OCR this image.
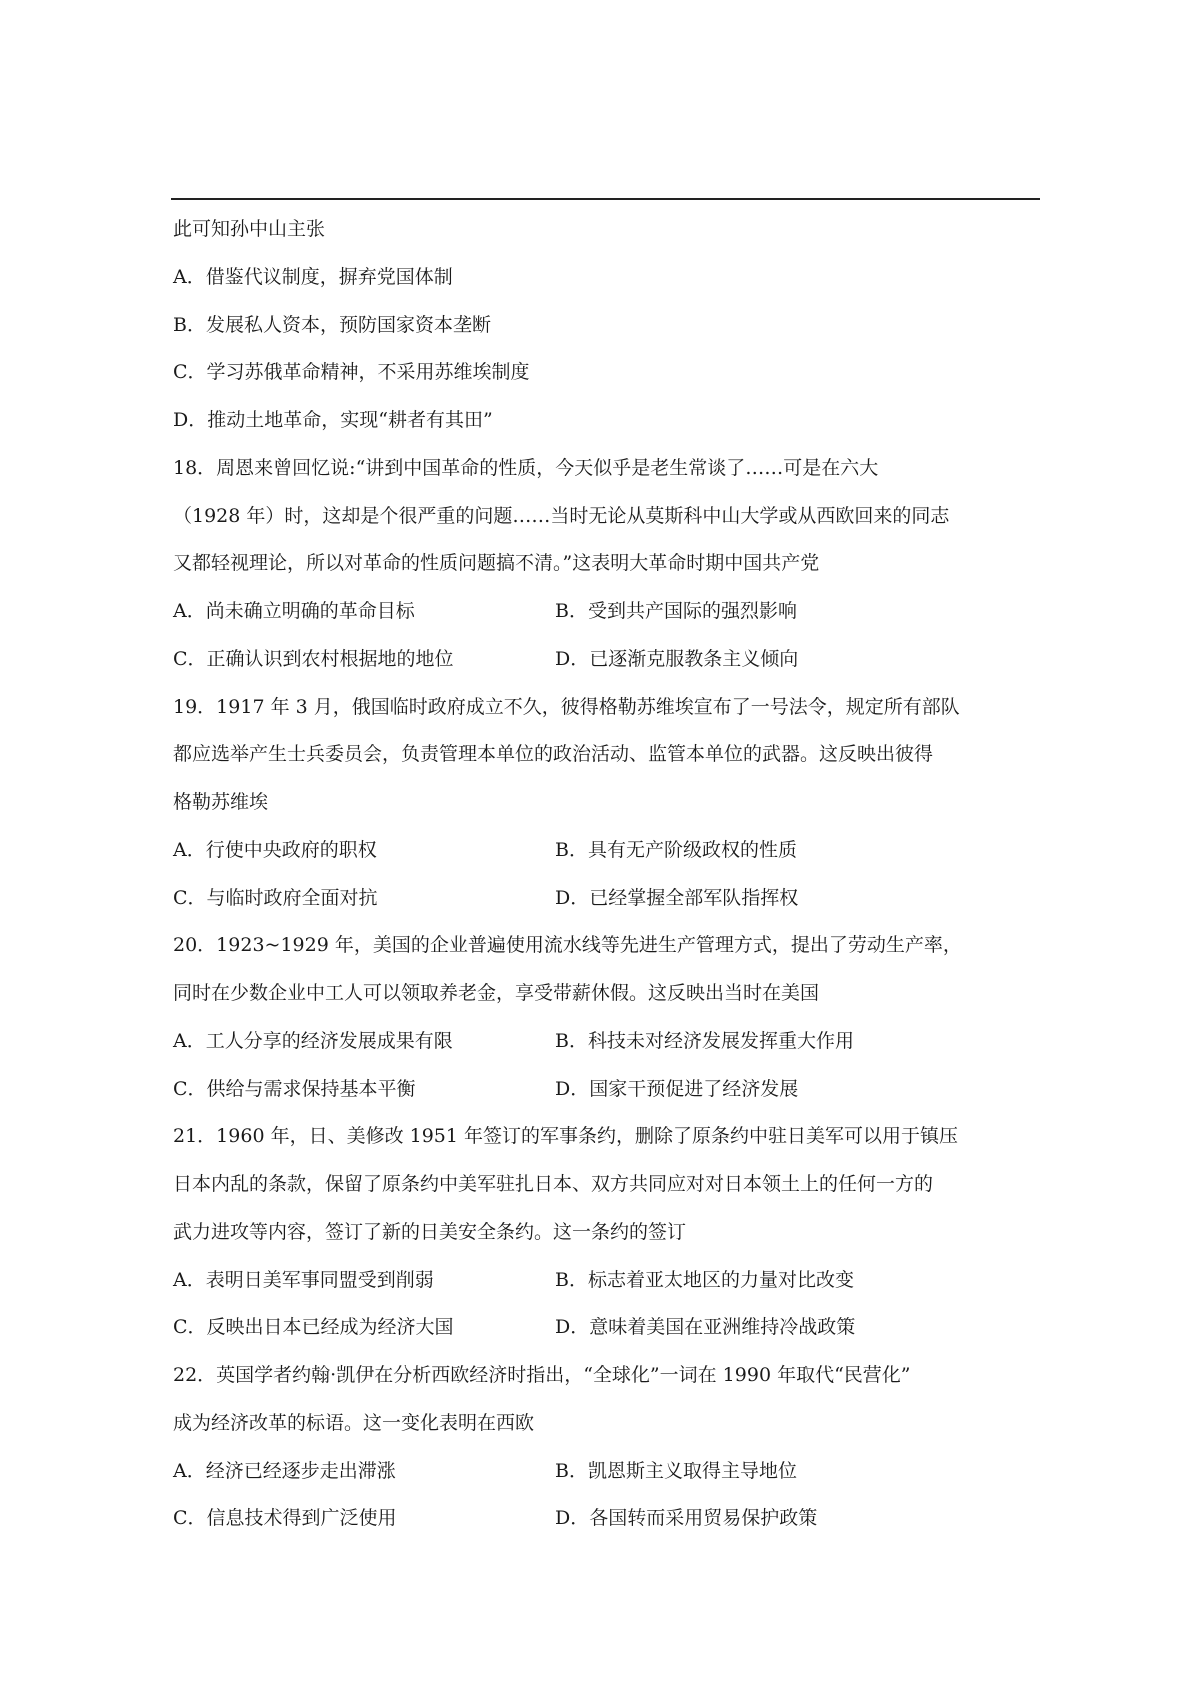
此可知孙中山主张
A．借鉴代议制度，摒弃党国体制
B．发展私人资本，预防国家资本垄断
C．学习苏俄革命精神，不采用苏维埃制度
D．推动土地革命，实现“耕者有其田”
18．周恩来曾回忆说:“讲到中国革命的性质，今天似乎是老生常谈了……可是在六大
（1928 年）时，这却是个很严重的问题……当时无论从莫斯科中山大学或从西欧回来的同志
又都轻视理论，所以对革命的性质问题搞不清。”这表明大革命时期中国共产党
A．尚未确立明确的革命目标	B．受到共产国际的强烈影响
C．正确认识到农村根据地的地位	D．已逐渐克服教条主义倾向
19．1917 年 3 月，俄国临时政府成立不久，彼得格勒苏维埃宣布了一号法令，规定所有部队
都应选举产生士兵委员会，负责管理本单位的政治活动、监管本单位的武器。这反映出彼得
格勒苏维埃
A．行使中央政府的职权	B．具有无产阶级政权的性质
C．与临时政府全面对抗	D．已经掌握全部军队指挥权
20．1923~1929 年，美国的企业普遍使用流水线等先进生产管理方式，提出了劳动生产率，
同时在少数企业中工人可以领取养老金，享受带薪休假。这反映出当时在美国
A．工人分享的经济发展成果有限	B．科技未对经济发展发挥重大作用
C．供给与需求保持基本平衡	D．国家干预促进了经济发展
21．1960 年，日、美修改 1951 年签订的军事条约，删除了原条约中驻日美军可以用于镇压
日本内乱的条款，保留了原条约中美军驻扎日本、双方共同应对对日本领土上的任何一方的
武力进攻等内容，签订了新的日美安全条约。这一条约的签订
A．表明日美军事同盟受到削弱	B．标志着亚太地区的力量对比改变
C．反映出日本已经成为经济大国	D．意味着美国在亚洲维持冷战政策
22．英国学者约翰·凯伊在分析西欧经济时指出，“全球化”一词在 1990 年取代“民营化”
成为经济改革的标语。这一变化表明在西欧
A．经济已经逐步走出滞涨	B．凯恩斯主义取得主导地位
C．信息技术得到广泛使用	D．各国转而采用贸易保护政策
